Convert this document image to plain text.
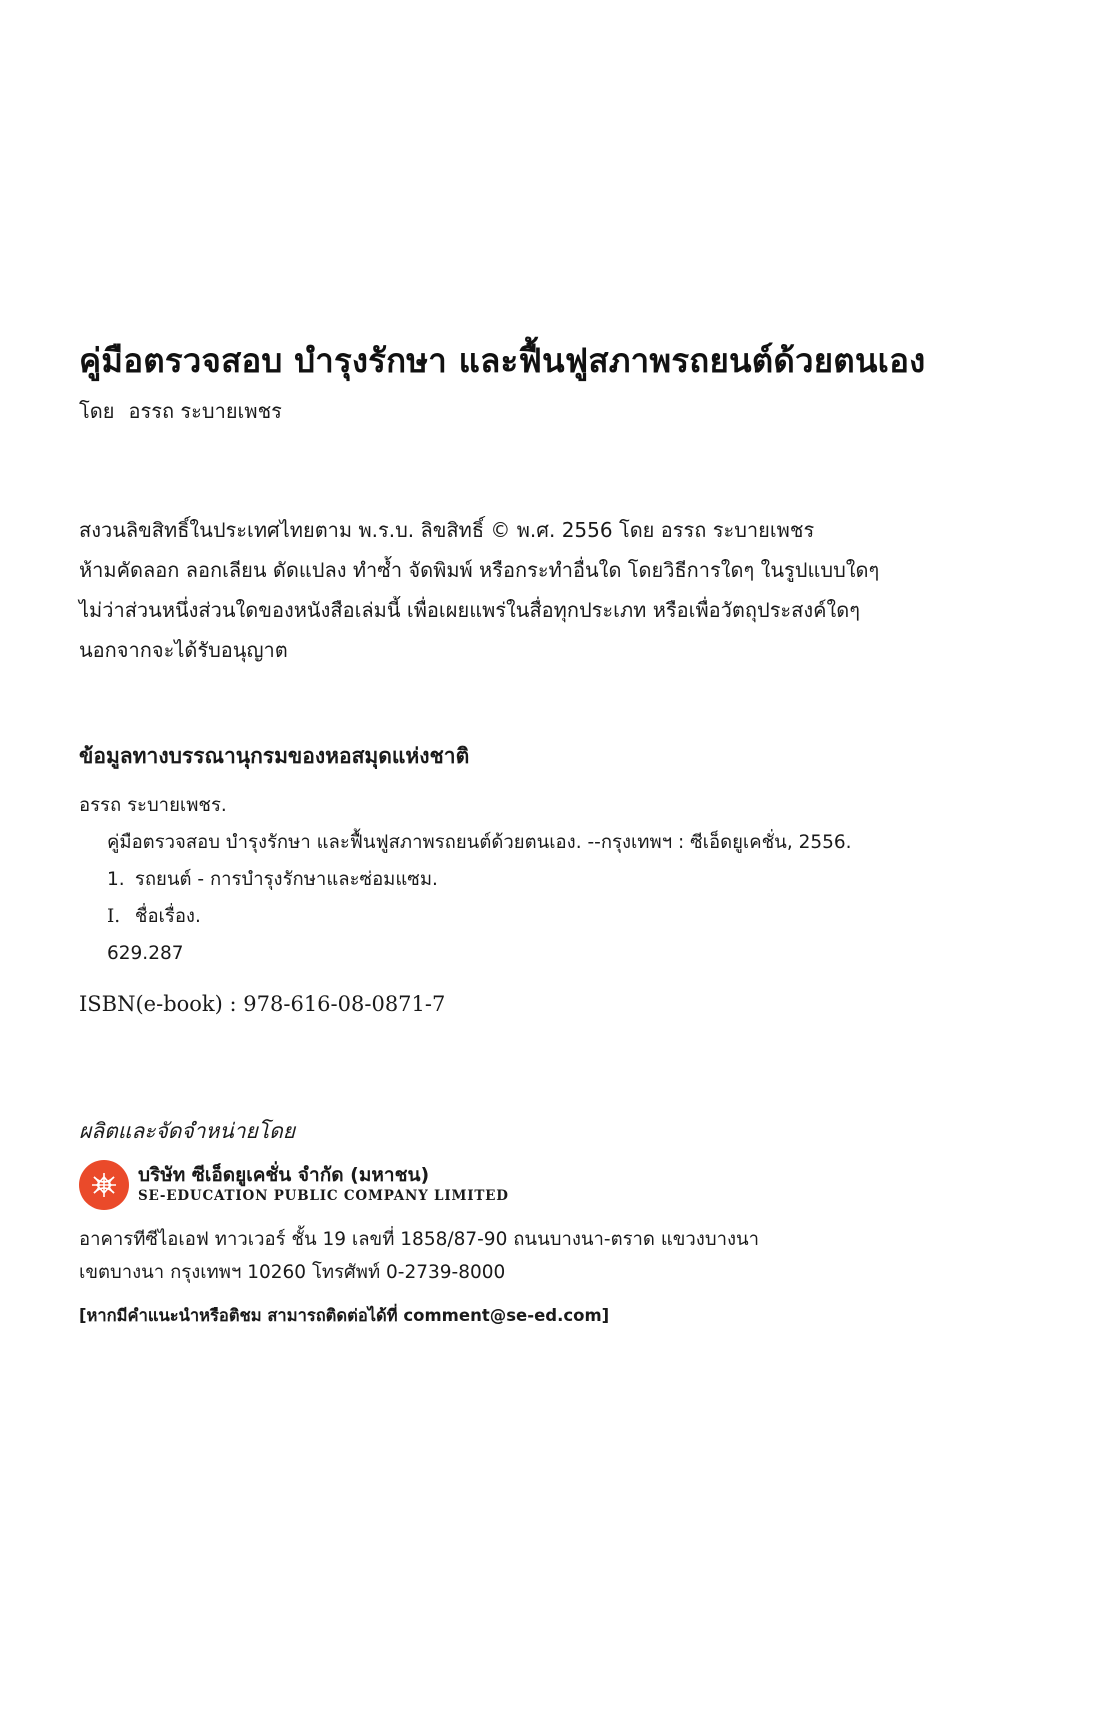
คู่มือตรวจสอบ บำรุงรักษา และฟื้นฟูสภาพรถยนต์ด้วยตนเอง
โดย อรรถ ระบายเพชร
สงวนลิขสิทธิ์ในประเทศไทยตาม พ.ร.บ. ลิขสิทธิ์ © พ.ศ. 2556 โดย อรรถ ระบายเพชร
ห้ามคัดลอก ลอกเลียน ดัดแปลง ทำซ้ำ จัดพิมพ์ หรือกระทำอื่นใด โดยวิธีการใดๆ ในรูปแบบใดๆ
ไม่ว่าส่วนหนึ่งส่วนใดของหนังสือเล่มนี้ เพื่อเผยแพร่ในสื่อทุกประเภท หรือเพื่อวัตถุประสงค์ใดๆ
นอกจากจะได้รับอนุญาต
ข้อมูลทางบรรณานุกรมของหอสมุดแห่งชาติ
อรรถ ระบายเพชร.
คู่มือตรวจสอบ บำรุงรักษา และฟื้นฟูสภาพรถยนต์ด้วยตนเอง. --กรุงเทพฯ : ซีเอ็ดยูเคชั่น, 2556.
1. รถยนต์ - การบำรุงรักษาและซ่อมแซม.
I. ชื่อเรื่อง.
629.287
ISBN(e-book) : 978-616-08-0871-7
ผลิตและจัดจำหน่ายโดย
บริษัท ซีเอ็ดยูเคชั่น จำกัด (มหาชน)
SE-EDUCATION PUBLIC COMPANY LIMITED
อาคารทีซีไอเอฟ ทาวเวอร์ ชั้น 19 เลขที่ 1858/87-90 ถนนบางนา-ตราด แขวงบางนา
เขตบางนา กรุงเทพฯ 10260 โทรศัพท์ 0-2739-8000
[หากมีคำแนะนำหรือติชม สามารถติดต่อได้ที่ comment@se-ed.com]
